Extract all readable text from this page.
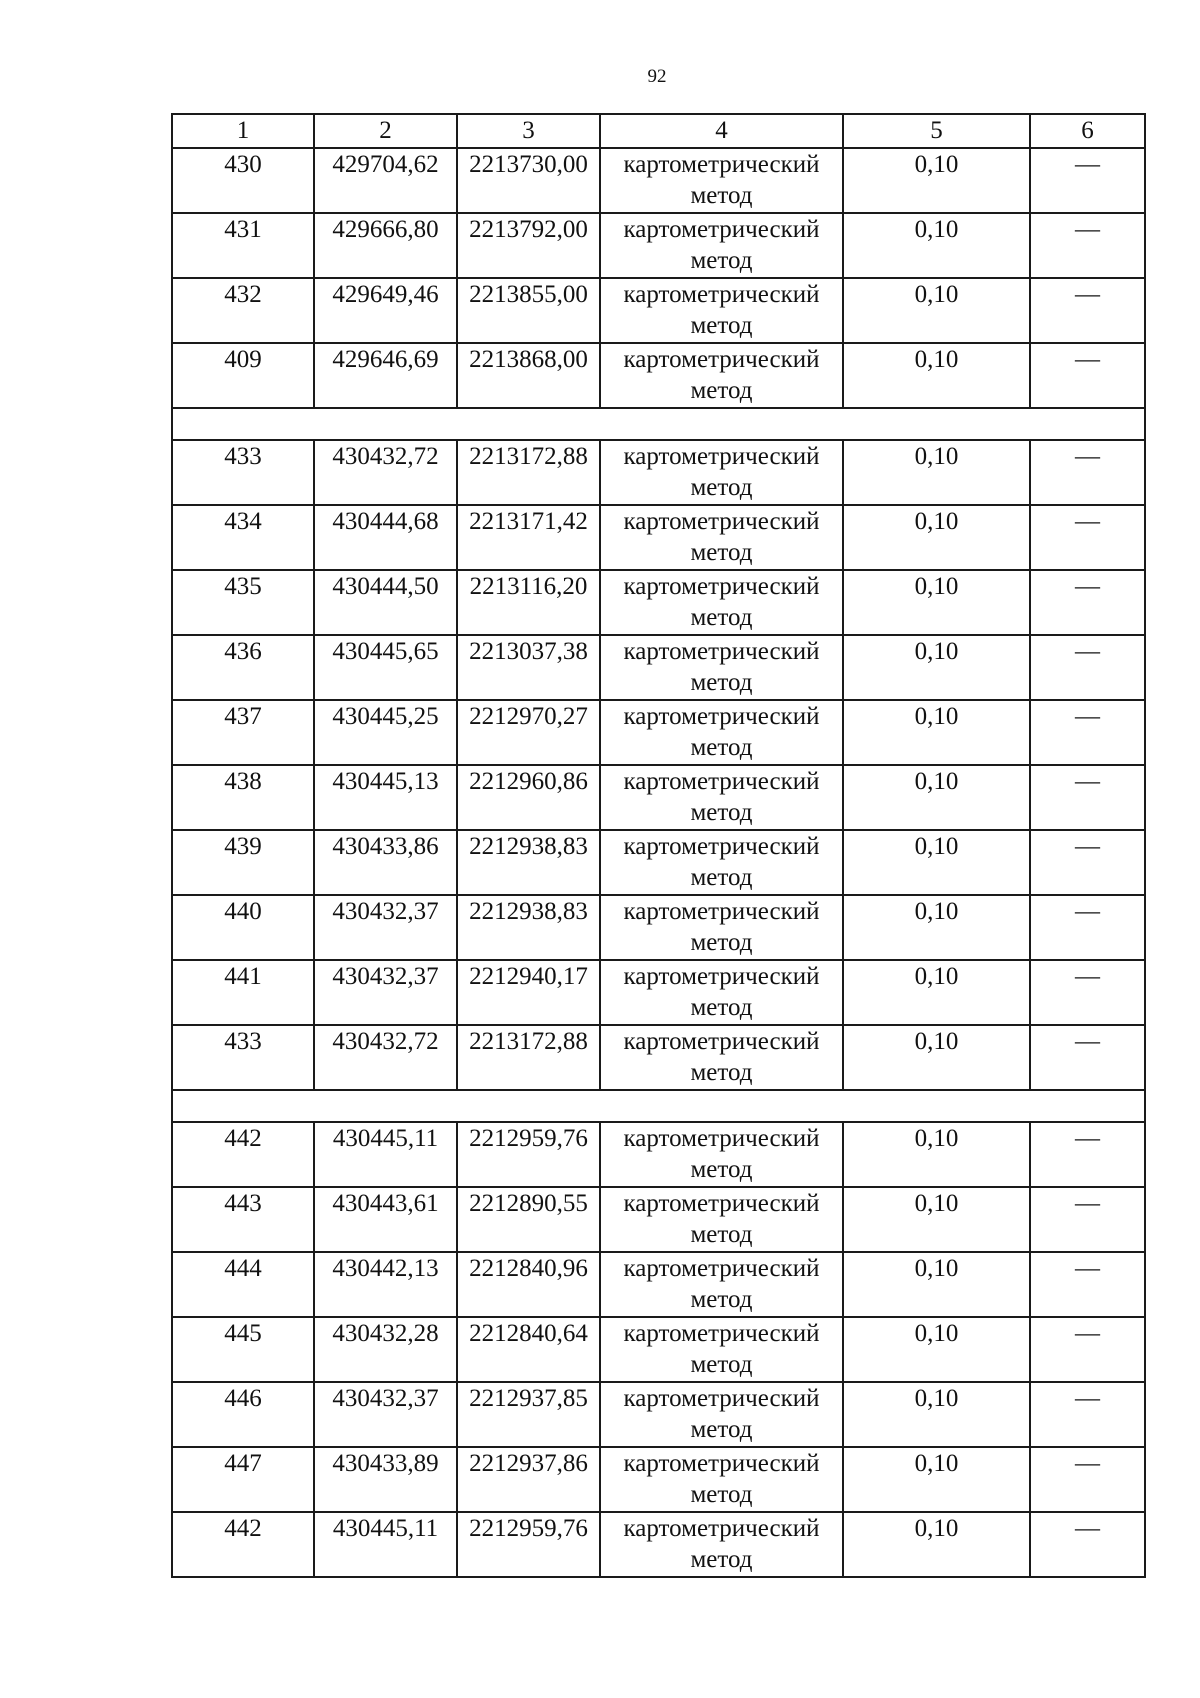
92
1	2	3	4	5	6
430	429704,62	2213730,00	картометрический метод	0,10	—
431	429666,80	2213792,00	картометрический метод	0,10	—
432	429649,46	2213855,00	картометрический метод	0,10	—
409	429646,69	2213868,00	картометрический метод	0,10	—

433	430432,72	2213172,88	картометрический метод	0,10	—
434	430444,68	2213171,42	картометрический метод	0,10	—
435	430444,50	2213116,20	картометрический метод	0,10	—
436	430445,65	2213037,38	картометрический метод	0,10	—
437	430445,25	2212970,27	картометрический метод	0,10	—
438	430445,13	2212960,86	картометрический метод	0,10	—
439	430433,86	2212938,83	картометрический метод	0,10	—
440	430432,37	2212938,83	картометрический метод	0,10	—
441	430432,37	2212940,17	картометрический метод	0,10	—
433	430432,72	2213172,88	картометрический метод	0,10	—

442	430445,11	2212959,76	картометрический метод	0,10	—
443	430443,61	2212890,55	картометрический метод	0,10	—
444	430442,13	2212840,96	картометрический метод	0,10	—
445	430432,28	2212840,64	картометрический метод	0,10	—
446	430432,37	2212937,85	картометрический метод	0,10	—
447	430433,89	2212937,86	картометрический метод	0,10	—
442	430445,11	2212959,76	картометрический метод	0,10	—
